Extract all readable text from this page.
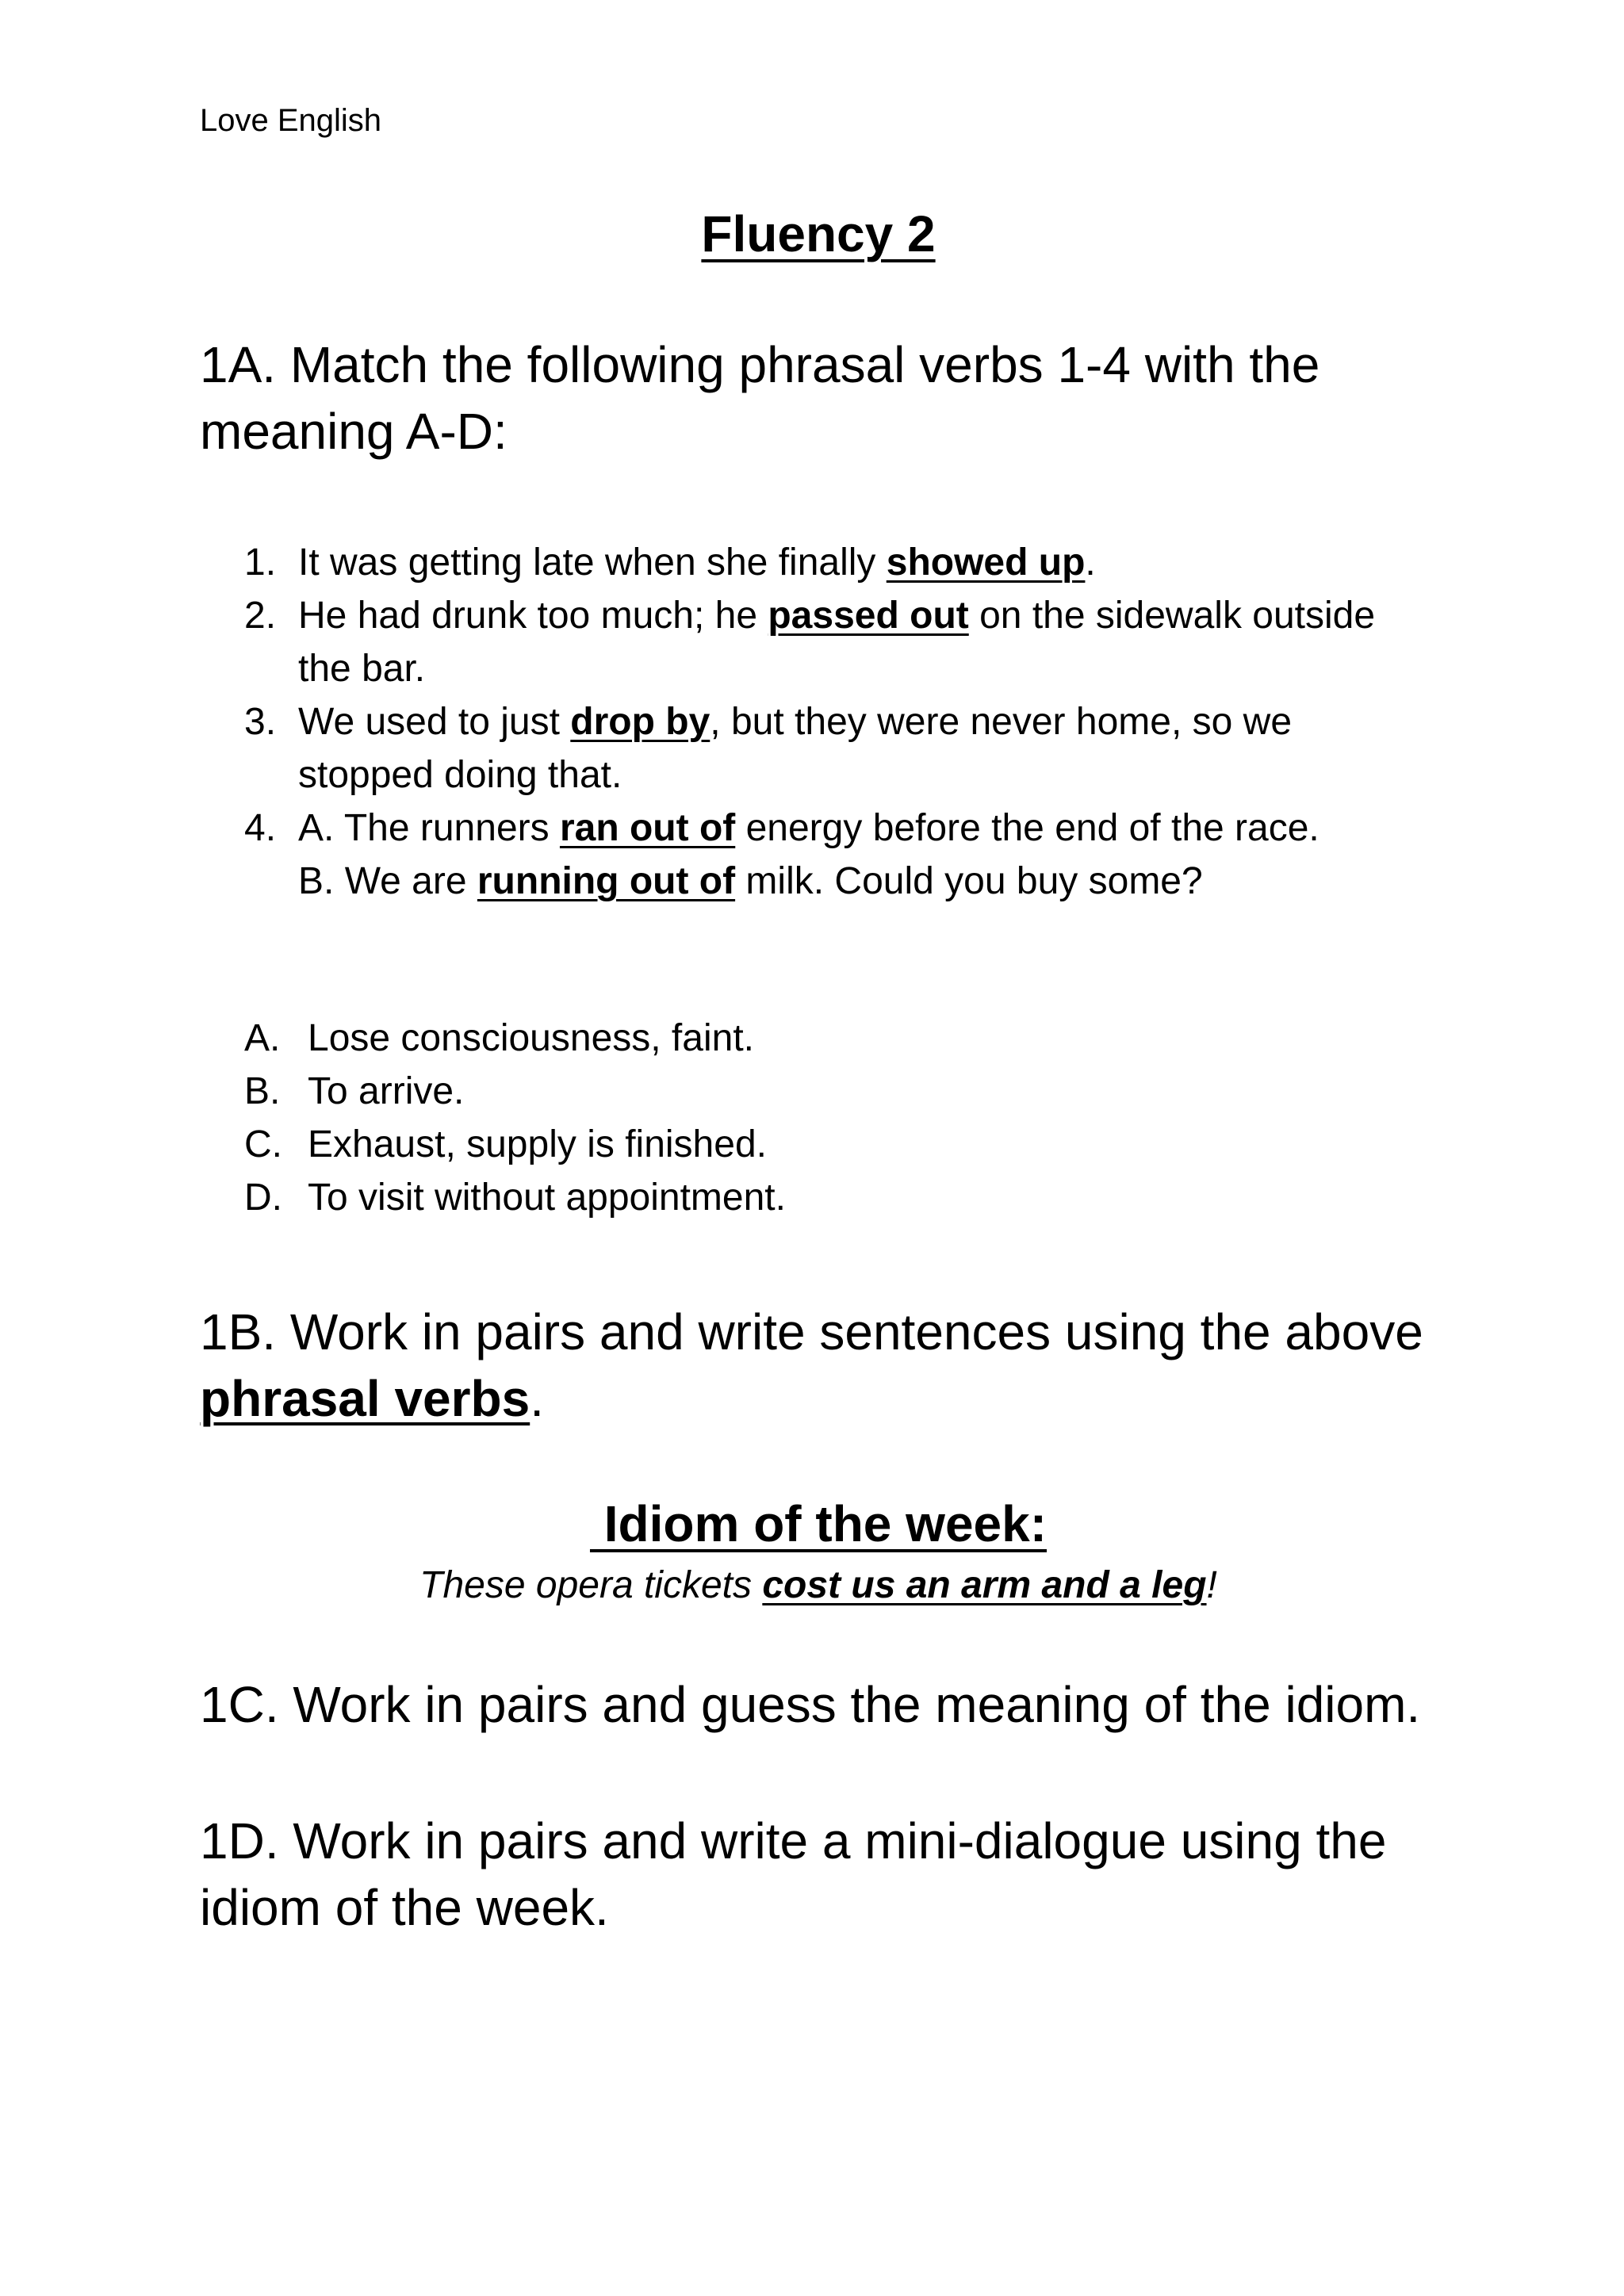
Love English
Fluency 2
1A. Match the following phrasal verbs 1-4 with the meaning A-D:
1. It was getting late when she finally showed up.
2. He had drunk too much; he passed out on the sidewalk outside the bar.
3. We used to just drop by, but they were never home, so we stopped doing that.
4. A. The runners ran out of energy before the end of the race.
B. We are running out of milk. Could you buy some?
A. Lose consciousness, faint.
B. To arrive.
C. Exhaust, supply is finished.
D. To visit without appointment.
1B. Work in pairs and write sentences using the above phrasal verbs.
Idiom of the week:
These opera tickets cost us an arm and a leg!
1C. Work in pairs and guess the meaning of the idiom.
1D. Work in pairs and write a mini-dialogue using the idiom of the week.
